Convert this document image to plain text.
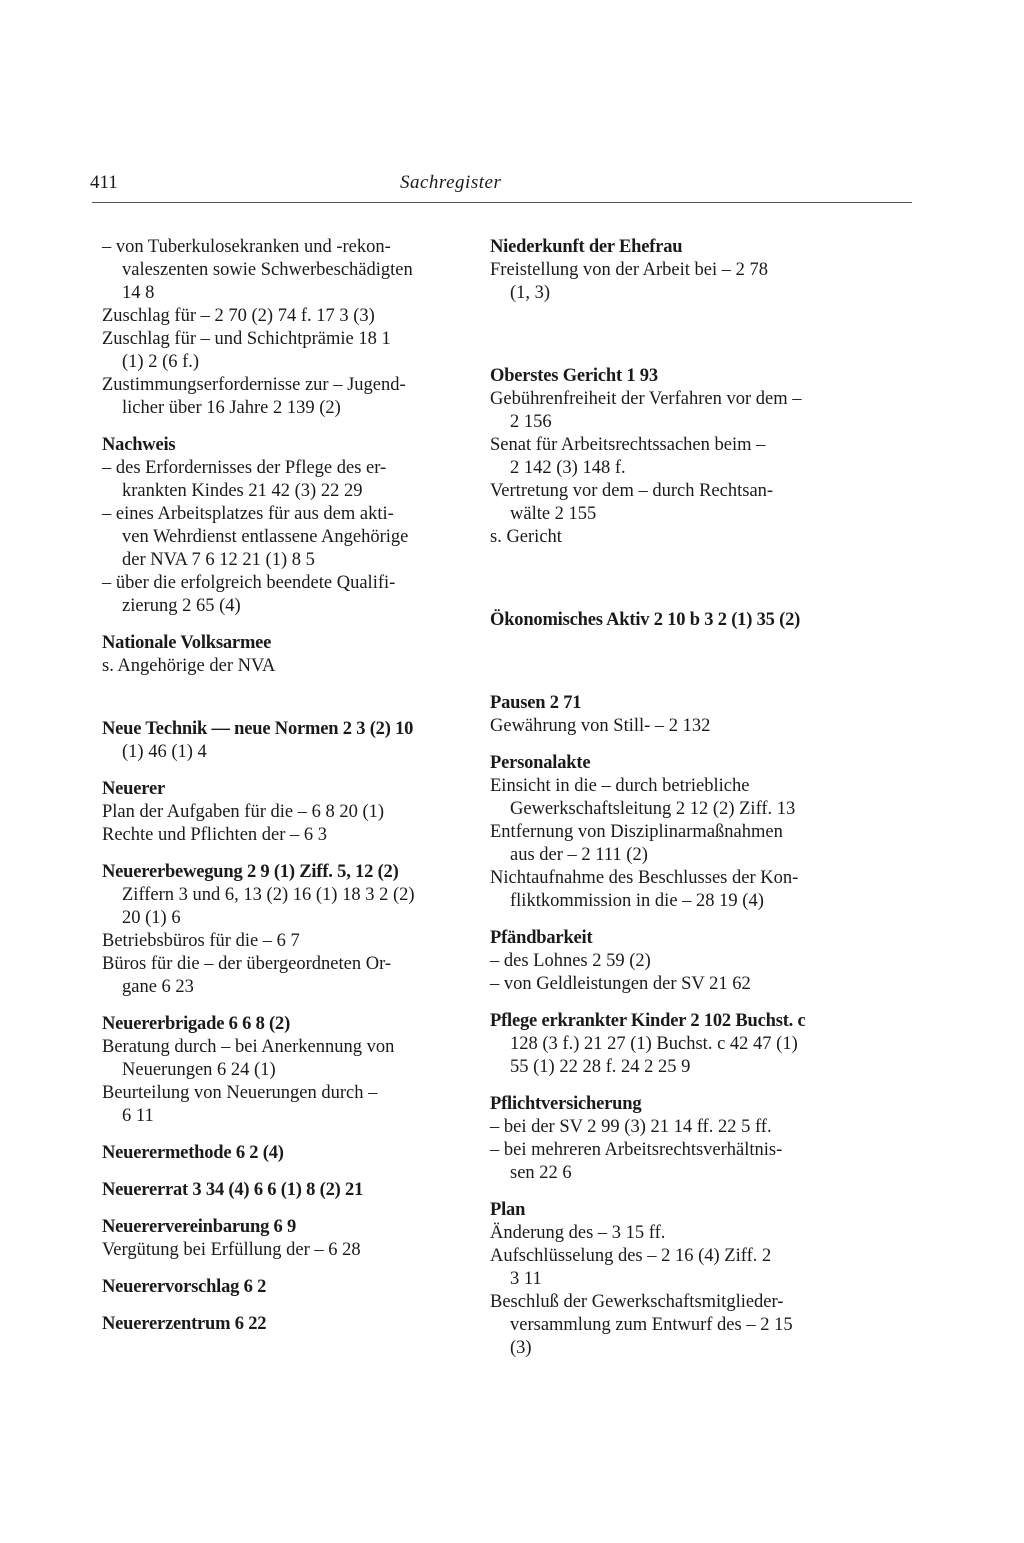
411	Sachregister
– von Tuberkulosekranken und -rekon-
valeszenten sowie Schwerbeschädigten
14 8
Zuschlag für – 2 70 (2) 74 f. 17 3 (3)
Zuschlag für – und Schichtprämie 18 1
(1) 2 (6 f.)
Zustimmungserfordernisse zur – Jugend-
licher über 16 Jahre 2 139 (2)
Nachweis
– des Erfordernisses der Pflege des er-
krankten Kindes 21 42 (3) 22 29
– eines Arbeitsplatzes für aus dem akti-
ven Wehrdienst entlassene Angehörige
der NVA 7 6 12 21 (1) 8 5
– über die erfolgreich beendete Qualifi-
zierung 2 65 (4)
Nationale Volksarmee
s. Angehörige der NVA
Neue Technik — neue Normen 2 3 (2) 10
(1) 46 (1) 4
Neuerer
Plan der Aufgaben für die – 6 8 20 (1)
Rechte und Pflichten der – 6 3
Neuererbewegung 2 9 (1) Ziff. 5, 12 (2)
Ziffern 3 und 6, 13 (2) 16 (1) 18 3 2 (2)
20 (1) 6
Betriebsbüros für die – 6 7
Büros für die – der übergeordneten Or-
gane 6 23
Neuererbrigade 6 6 8 (2)
Beratung durch – bei Anerkennung von
Neuerungen 6 24 (1)
Beurteilung von Neuerungen durch –
6 11
Neuerermethode 6 2 (4)
Neuererrat 3 34 (4) 6 6 (1) 8 (2) 21
Neuerervereinbarung 6 9
Vergütung bei Erfüllung der – 6 28
Neuerervorschlag 6 2
Neuererzentrum 6 22
Niederkunft der Ehefrau
Freistellung von der Arbeit bei – 2 78
(1, 3)
Oberstes Gericht 1 93
Gebührenfreiheit der Verfahren vor dem –
2 156
Senat für Arbeitsrechtssachen beim –
2 142 (3) 148 f.
Vertretung vor dem – durch Rechtsan-
wälte 2 155
s. Gericht
Ökonomisches Aktiv 2 10 b 3 2 (1) 35 (2)
Pausen 2 71
Gewährung von Still- – 2 132
Personalakte
Einsicht in die – durch betriebliche
Gewerkschaftsleitung 2 12 (2) Ziff. 13
Entfernung von Disziplinarmaßnahmen
aus der – 2 111 (2)
Nichtaufnahme des Beschlusses der Kon-
fliktkommission in die – 28 19 (4)
Pfändbarkeit
– des Lohnes 2 59 (2)
– von Geldleistungen der SV 21 62
Pflege erkrankter Kinder 2 102 Buchst. c
128 (3 f.) 21 27 (1) Buchst. c 42 47 (1)
55 (1) 22 28 f. 24 2 25 9
Pflichtversicherung
– bei der SV 2 99 (3) 21 14 ff. 22 5 ff.
– bei mehreren Arbeitsrechtsverhältnis-
sen 22 6
Plan
Änderung des – 3 15 ff.
Aufschlüsselung des – 2 16 (4) Ziff. 2
3 11
Beschluß der Gewerkschaftsmitglieder-
versammlung zum Entwurf des – 2 15
(3)
